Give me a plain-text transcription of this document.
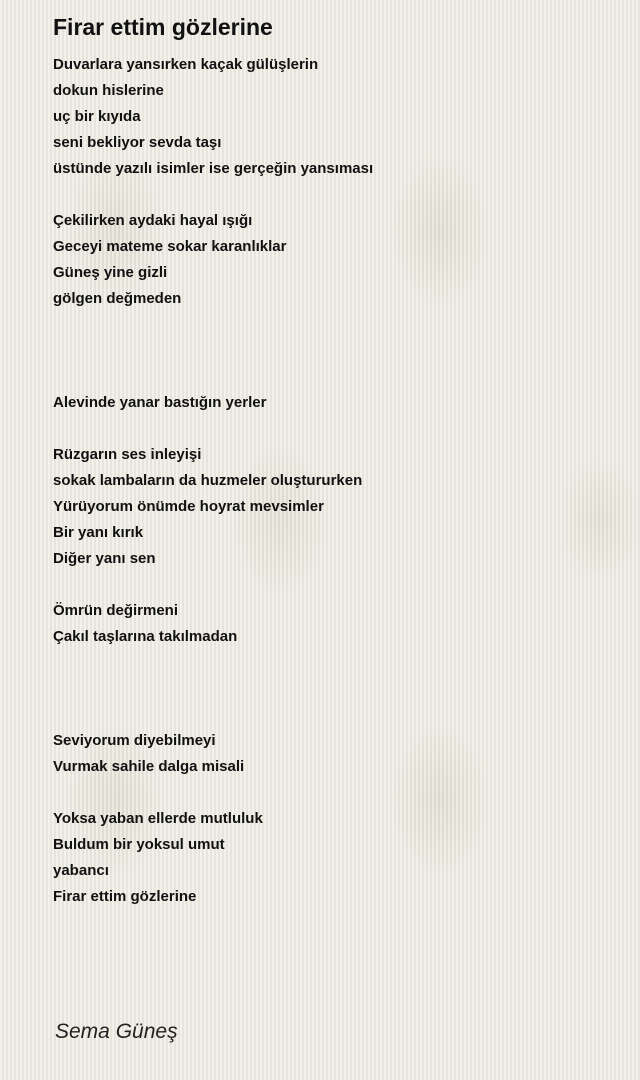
Firar ettim gözlerine
Duvarlara yansırken kaçak gülüşlerin
dokun hislerine
uç bir kıyıda
seni bekliyor sevda taşı
üstünde yazılı isimler ise gerçeğin yansıması
Çekilirken aydaki hayal ışığı
Geceyi mateme sokar karanlıklar
Güneş yine gizli
gölgen değmeden
Alevinde yanar bastığın yerler
Rüzgarın ses inleyişi
sokak lambaların da huzmeler oluştururken
Yürüyorum önümde hoyrat mevsimler
Bir yanı kırık
Diğer yanı sen
Ömrün değirmeni
Çakıl taşlarına takılmadan
Seviyorum diyebilmeyi
Vurmak sahile dalga misali
Yoksa yaban ellerde mutluluk
Buldum bir yoksul umut
yabancı
Firar ettim gözlerine
Sema Güneş
